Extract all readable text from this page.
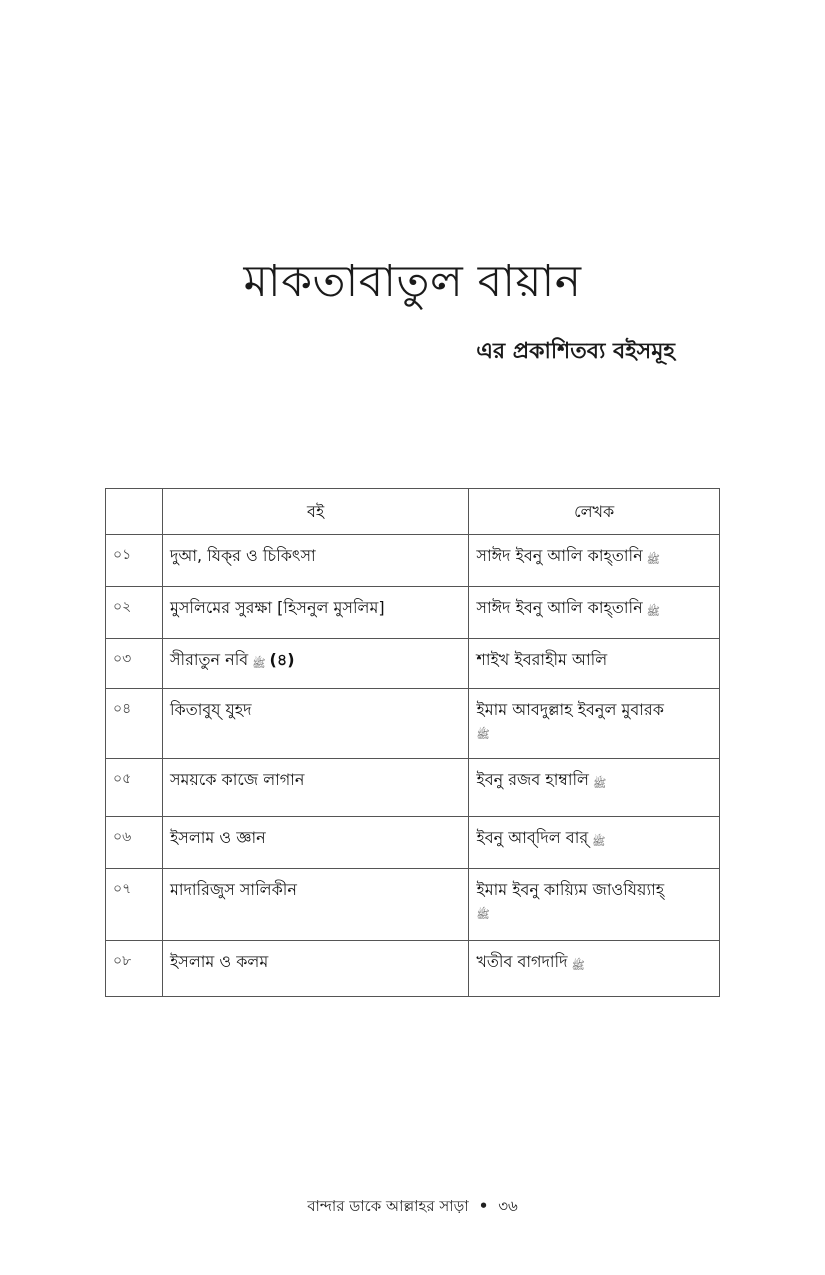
মাকতাবাতুল বায়ান
এর প্রকাশিতব্য বইসমূহ
	বই	লেখক
০১	দুআ, যিক্‌র ও চিকিৎসা	সাঈদ ইবনু আলি কাহ্‌তানি ﷺ
০২	মুসলিমের সুরক্ষা [হিসনুল মুসলিম]	সাঈদ ইবনু আলি কাহ্‌তানি ﷺ
০৩	সীরাতুন নবি ﷺ (৪)	শাইখ ইবরাহীম আলি
০৪	কিতাবুয্‌ যুহদ	ইমাম আবদুল্লাহ ইবনুল মুবারক
ﷺ

০৫	সময়কে কাজে লাগান	ইবনু রজব হাম্বালি ﷺ
০৬	ইসলাম ও জ্ঞান	ইবনু আব্‌দিল বার্‌ ﷺ
০৭	মাদারিজুস সালিকীন	ইমাম ইবনু কায়্যিম জাওযিয়্যাহ্‌
ﷺ

০৮	ইসলাম ও কলম	খতীব বাগদাদি ﷺ
বান্দার ডাকে আল্লাহর সাড়া • ৩৬
